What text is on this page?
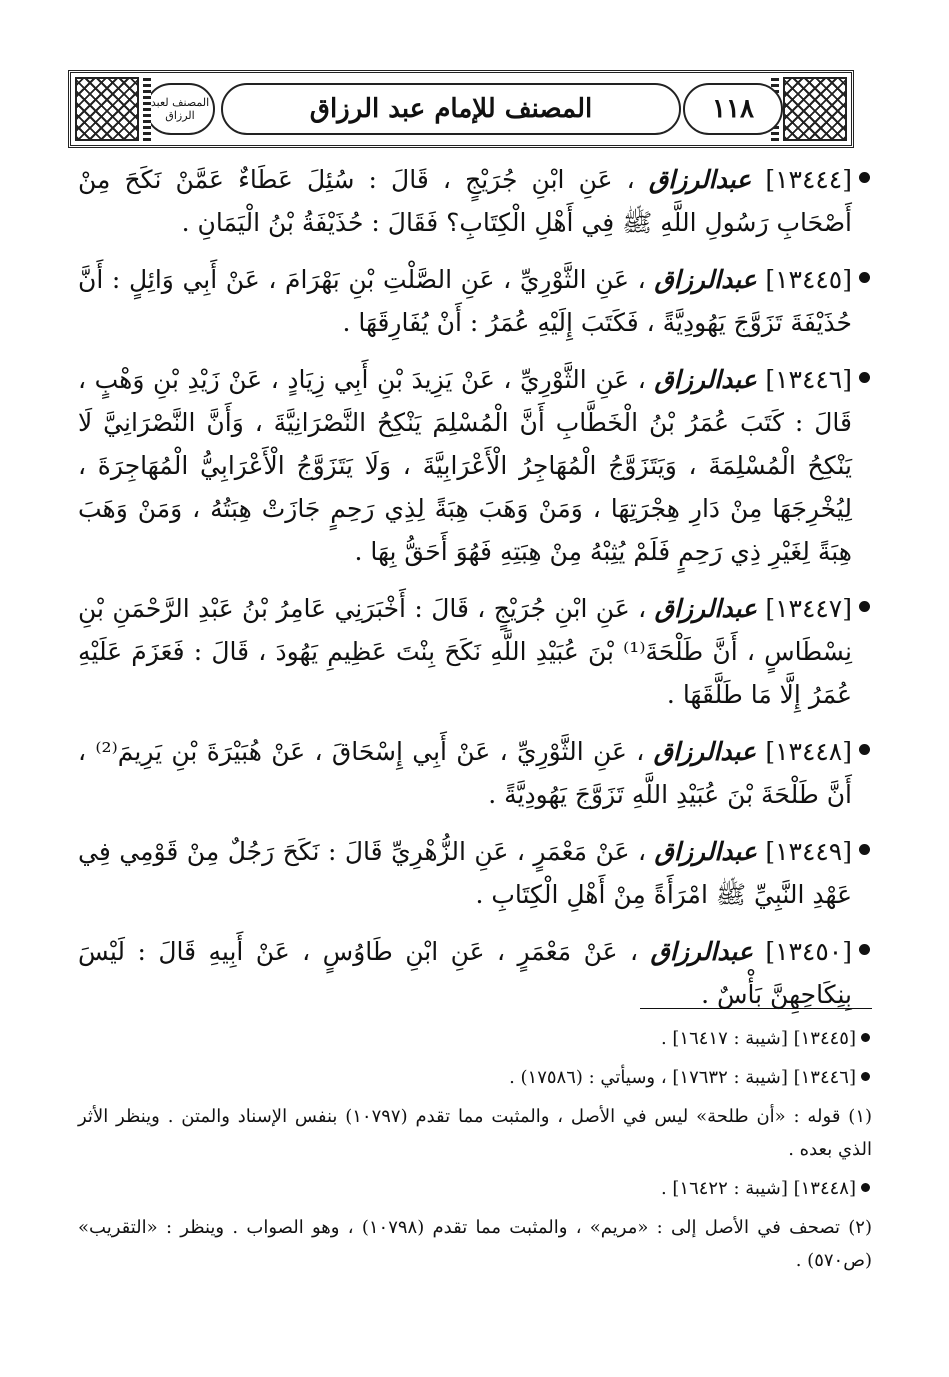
١١٨
المصنف للإمام عبد الرزاق
المصنف لعبد الرزاق

[١٣٤٤٤] عبدالرزاق ، عَنِ ابْنِ جُرَيْجٍ ، قَالَ : سُئِلَ عَطَاءٌ عَمَّنْ نَكَحَ مِنْ أَصْحَابِ رَسُولِ اللَّهِ ﷺ فِي أَهْلِ الْكِتَابِ؟ فَقَالَ : حُذَيْفَةُ بْنُ الْيَمَانِ .

[١٣٤٤٥] عبدالرزاق ، عَنِ الثَّوْرِيِّ ، عَنِ الصَّلْتِ بْنِ بَهْرَامَ ، عَنْ أَبِي وَائِلٍ : أَنَّ حُذَيْفَةَ تَزَوَّجَ يَهُودِيَّةً ، فَكَتَبَ إِلَيْهِ عُمَرُ : أَنْ يُفَارِقَهَا .

[١٣٤٤٦] عبدالرزاق ، عَنِ الثَّوْرِيِّ ، عَنْ يَزِيدَ بْنِ أَبِي زِيَادٍ ، عَنْ زَيْدِ بْنِ وَهْبٍ ، قَالَ : كَتَبَ عُمَرُ بْنُ الْخَطَّابِ أَنَّ الْمُسْلِمَ يَنْكِحُ النَّصْرَانِيَّةَ ، وَأَنَّ النَّصْرَانِيَّ لَا يَنْكِحُ الْمُسْلِمَةَ ، وَيَتَزَوَّجُ الْمُهَاجِرُ الْأَعْرَابِيَّةَ ، وَلَا يَتَزَوَّجُ الْأَعْرَابِيُّ الْمُهَاجِرَةَ ، لِيُخْرِجَهَا مِنْ دَارِ هِجْرَتِهَا ، وَمَنْ وَهَبَ هِبَةً لِذِي رَحِمٍ جَازَتْ هِبَتُهُ ، وَمَنْ وَهَبَ هِبَةً لِغَيْرِ ذِي رَحِمٍ فَلَمْ يُثِبْهُ مِنْ هِبَتِهِ فَهُوَ أَحَقُّ بِهَا .

[١٣٤٤٧] عبدالرزاق ، عَنِ ابْنِ جُرَيْجٍ ، قَالَ : أَخْبَرَنِي عَامِرُ بْنُ عَبْدِ الرَّحْمَنِ بْنِ نِسْطَاسٍ ، أَنَّ طَلْحَةَ⁽¹⁾ بْنَ عُبَيْدِ اللَّهِ نَكَحَ بِنْتَ عَظِيمِ يَهُودَ ، قَالَ : فَعَزَمَ عَلَيْهِ عُمَرُ إِلَّا مَا طَلَّقَهَا .

[١٣٤٤٨] عبدالرزاق ، عَنِ الثَّوْرِيِّ ، عَنْ أَبِي إِسْحَاقَ ، عَنْ هُبَيْرَةَ بْنِ يَرِيمَ⁽²⁾ ، أَنَّ طَلْحَةَ بْنَ عُبَيْدِ اللَّهِ تَزَوَّجَ يَهُودِيَّةً .

[١٣٤٤٩] عبدالرزاق ، عَنْ مَعْمَرٍ ، عَنِ الزُّهْرِيِّ قَالَ : نَكَحَ رَجُلٌ مِنْ قَوْمِي فِي عَهْدِ النَّبِيِّ ﷺ امْرَأَةً مِنْ أَهْلِ الْكِتَابِ .

[١٣٤٥٠] عبدالرزاق ، عَنْ مَعْمَرٍ ، عَنِ ابْنِ طَاوُسٍ ، عَنْ أَبِيهِ قَالَ : لَيْسَ بِنِكَاحِهِنَّ بَأْسٌ .

[١٣٤٤٥] [شيبة : ١٦٤١٧] .

[١٣٤٤٦] [شيبة : ١٧٦٣٢] ، وسيأتي : (١٧٥٨٦) .

(١) قوله : «أن طلحة» ليس في الأصل ، والمثبت مما تقدم (١٠٧٩٧) بنفس الإسناد والمتن . وينظر الأثر الذي بعده .

[١٣٤٤٨] [شيبة : ١٦٤٢٢] .

(٢) تصحف في الأصل إلى : «مريم» ، والمثبت مما تقدم (١٠٧٩٨) ، وهو الصواب . وينظر : «التقريب» (ص٥٧٠) .
